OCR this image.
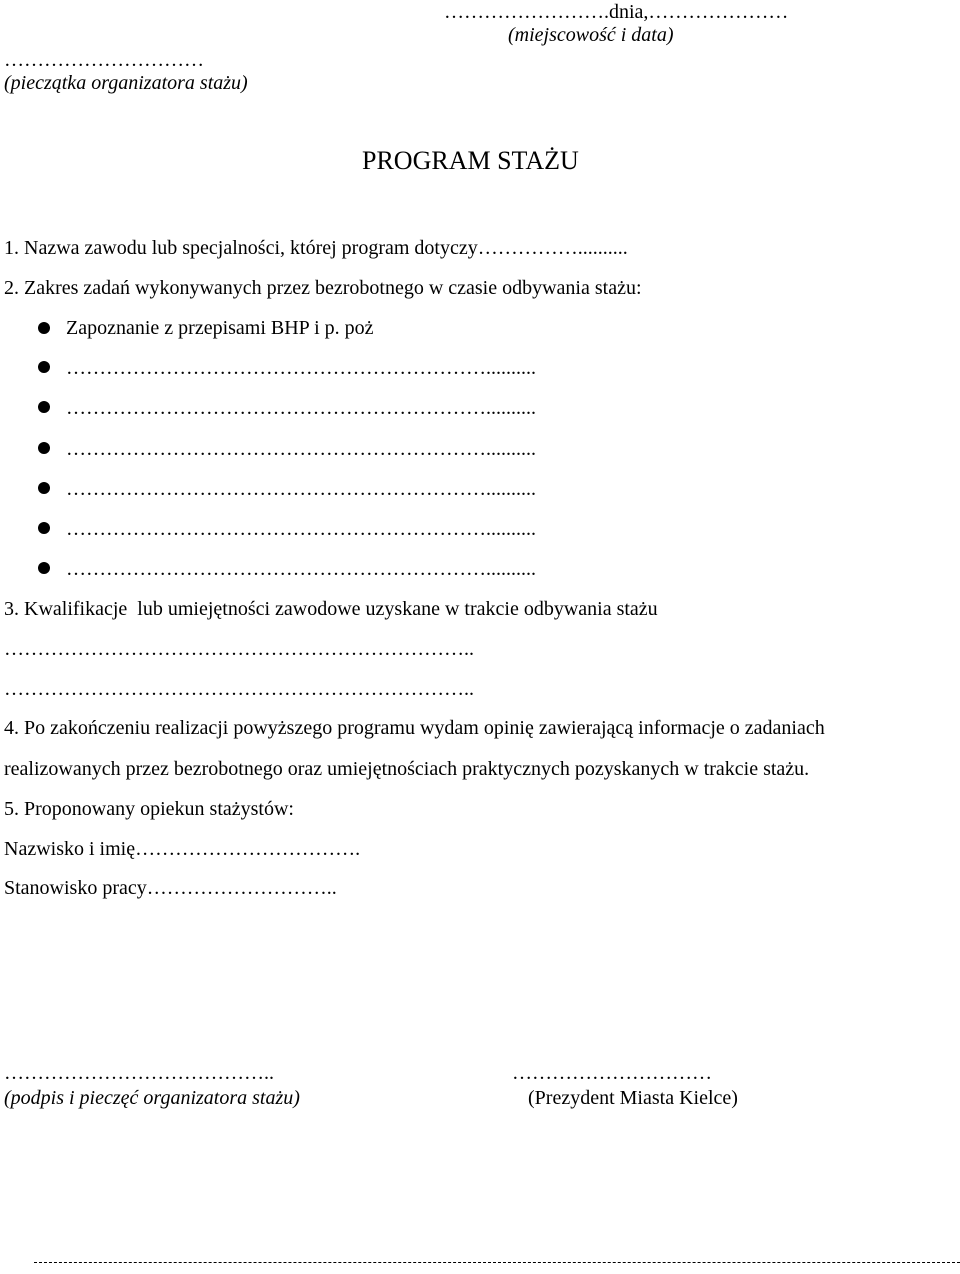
…………………….dnia,…………………
(miejscowość i data)
…………………………
(pieczątka organizatora stażu)
PROGRAM STAŻU
1. Nazwa zawodu lub specjalności, której program dotyczy……………..........
2. Zakres zadań wykonywanych przez bezrobotnego w czasie odbywania stażu:
Zapoznanie z przepisami BHP i p. poż
………………………………………………………..........
………………………………………………………..........
………………………………………………………..........
………………………………………………………..........
………………………………………………………..........
………………………………………………………..........
3. Kwalifikacje  lub umiejętności zawodowe uzyskane w trakcie odbywania stażu
……………………………………………………………..
……………………………………………………………..
4. Po zakończeniu realizacji powyższego programu wydam opinię zawierającą informacje o zadaniach
realizowanych przez bezrobotnego oraz umiejętnościach praktycznych pozyskanych w trakcie stażu.
5. Proponowany opiekun stażystów:
Nazwisko i imię…………………………….
Stanowisko pracy………………………..
…………………………………..
(podpis i pieczęć organizatora stażu)
…………………………
(Prezydent Miasta Kielce)
